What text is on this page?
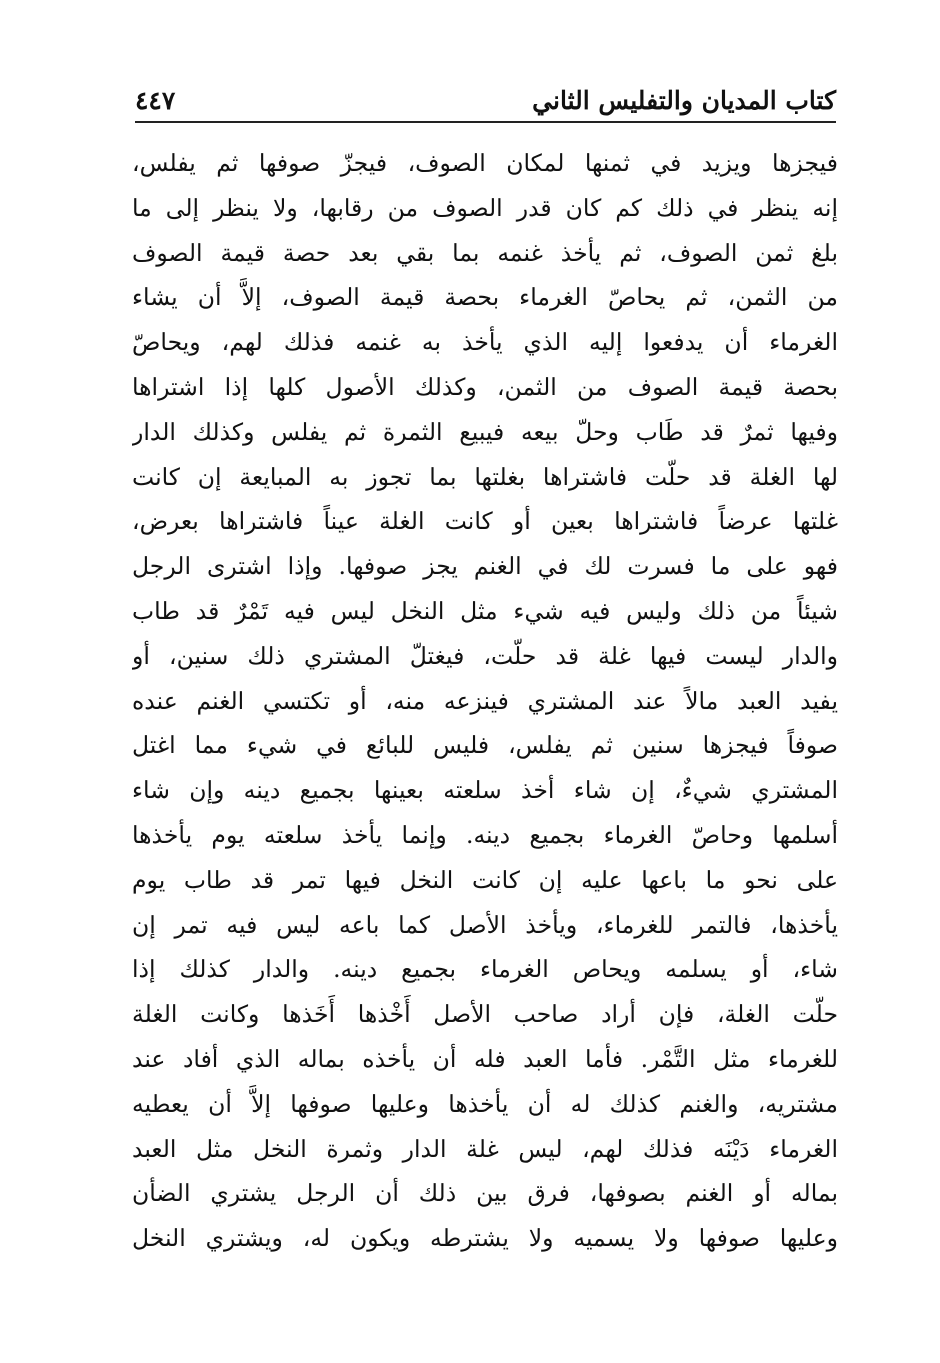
كتاب المديان والتفليس الثاني
٤٤٧
فيجزها ويزيد في ثمنها لمكان الصوف، فيجزّ صوفها ثم يفلس،
إنه ينظر في ذلك كم كان قدر الصوف من رقابها، ولا ينظر إلى ما
بلغ ثمن الصوف، ثم يأخذ غنمه بما بقي بعد حصة قيمة الصوف
من الثمن، ثم يحاصّ الغرماء بحصة قيمة الصوف، إلاَّ أن يشاء
الغرماء أن يدفعوا إليه الذي يأخذ به غنمه فذلك لهم، ويحاصّ
بحصة قيمة الصوف من الثمن، وكذلك الأصول كلها إذا اشتراها
وفيها ثمرٌ قد طَاب وحلّ بيعه فيبيع الثمرة ثم يفلس وكذلك الدار
لها الغلة قد حلّت فاشتراها بغلتها بما تجوز به المبايعة إن كانت
غلتها عرضاً فاشتراها بعين أو كانت الغلة عيناً فاشتراها بعرض،
فهو على ما فسرت لك في الغنم يجز صوفها. وإذا اشترى الرجل
شيئاً من ذلك وليس فيه شيء مثل النخل ليس فيه تَمْرٌ قد طاب
والدار ليست فيها غلة قد حلّت، فيغتلّ المشتري ذلك سنين، أو
يفيد العبد مالاً عند المشتري فينزعه منه، أو تكتسي الغنم عنده
صوفاً فيجزها سنين ثم يفلس، فليس للبائع في شيء مما اغتل
المشتري شيءٌ، إن شاء أخذ سلعته بعينها بجميع دينه وإن شاء
أسلمها وحاصّ الغرماء بجميع دينه. وإنما يأخذ سلعته يوم يأخذها
على نحو ما باعها عليه إن كانت النخل فيها تمر قد طاب يوم
يأخذها، فالتمر للغرماء، ويأخذ الأصل كما باعه ليس فيه تمر إن
شاء، أو يسلمه ويحاص الغرماء بجميع دينه. والدار كذلك إذا
حلّت الغلة، فإن أراد صاحب الأصل أَخْذها أَخَذها وكانت الغلة
للغرماء مثل التَّمْر. فأما العبد فله أن يأخذه بماله الذي أفاد عند
مشتريه، والغنم كذلك له أن يأخذها وعليها صوفها إلاَّ أن يعطيه
الغرماء دَيْنَه فذلك لهم، ليس غلة الدار وثمرة النخل مثل العبد
بماله أو الغنم بصوفها، فرق بين ذلك أن الرجل يشتري الضأن
وعليها صوفها ولا يسميه ولا يشترطه ويكون له، ويشتري النخل
